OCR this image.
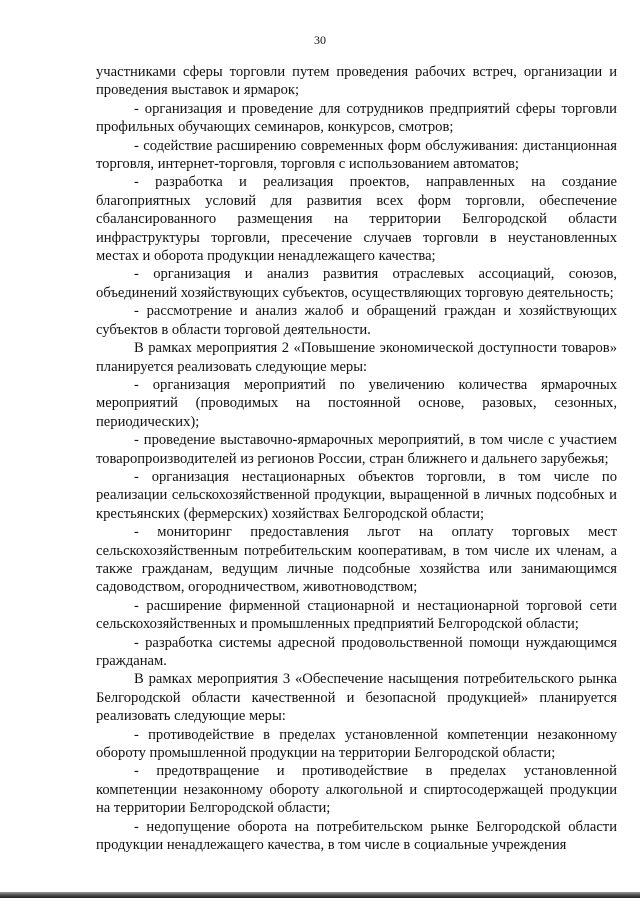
30

участниками сферы торговли путем проведения рабочих встреч, организации и проведения выставок и ярмарок;

- организация и проведение для сотрудников предприятий сферы торговли профильных обучающих семинаров, конкурсов, смотров;

- содействие расширению современных форм обслуживания: дистанционная торговля, интернет-торговля, торговля с использованием автоматов;

- разработка и реализация проектов, направленных на создание благоприятных условий для развития всех форм торговли, обеспечение сбалансированного размещения на территории Белгородской области инфраструктуры торговли, пресечение случаев торговли в неустановленных местах и оборота продукции ненадлежащего качества;

- организация и анализ развития отраслевых ассоциаций, союзов, объединений хозяйствующих субъектов, осуществляющих торговую деятельность;

- рассмотрение и анализ жалоб и обращений граждан и хозяйствующих субъектов в области торговой деятельности.

В рамках мероприятия 2 «Повышение экономической доступности товаров» планируется реализовать следующие меры:

- организация мероприятий по увеличению количества ярмарочных мероприятий (проводимых на постоянной основе, разовых, сезонных, периодических);

- проведение выставочно-ярмарочных мероприятий, в том числе с участием товаропроизводителей из регионов России, стран ближнего и дальнего зарубежья;

- организация нестационарных объектов торговли, в том числе по реализации сельскохозяйственной продукции, выращенной в личных подсобных и крестьянских (фермерских) хозяйствах Белгородской области;

- мониторинг предоставления льгот на оплату торговых мест сельскохозяйственным потребительским кооперативам, в том числе их членам, а также гражданам, ведущим личные подсобные хозяйства или занимающимся садоводством, огородничеством, животноводством;

- расширение фирменной стационарной и нестационарной торговой сети сельскохозяйственных и промышленных предприятий Белгородской области;

- разработка системы адресной продовольственной помощи нуждающимся гражданам.

В рамках мероприятия 3 «Обеспечение насыщения потребительского рынка Белгородской области качественной и безопасной продукцией» планируется реализовать следующие меры:

- противодействие в пределах установленной компетенции незаконному обороту промышленной продукции на территории Белгородской области;

- предотвращение и противодействие в пределах установленной компетенции незаконному обороту алкогольной и спиртосодержащей продукции на территории Белгородской области;

- недопущение оборота на потребительском рынке Белгородской области продукции ненадлежащего качества, в том числе в социальные учреждения
